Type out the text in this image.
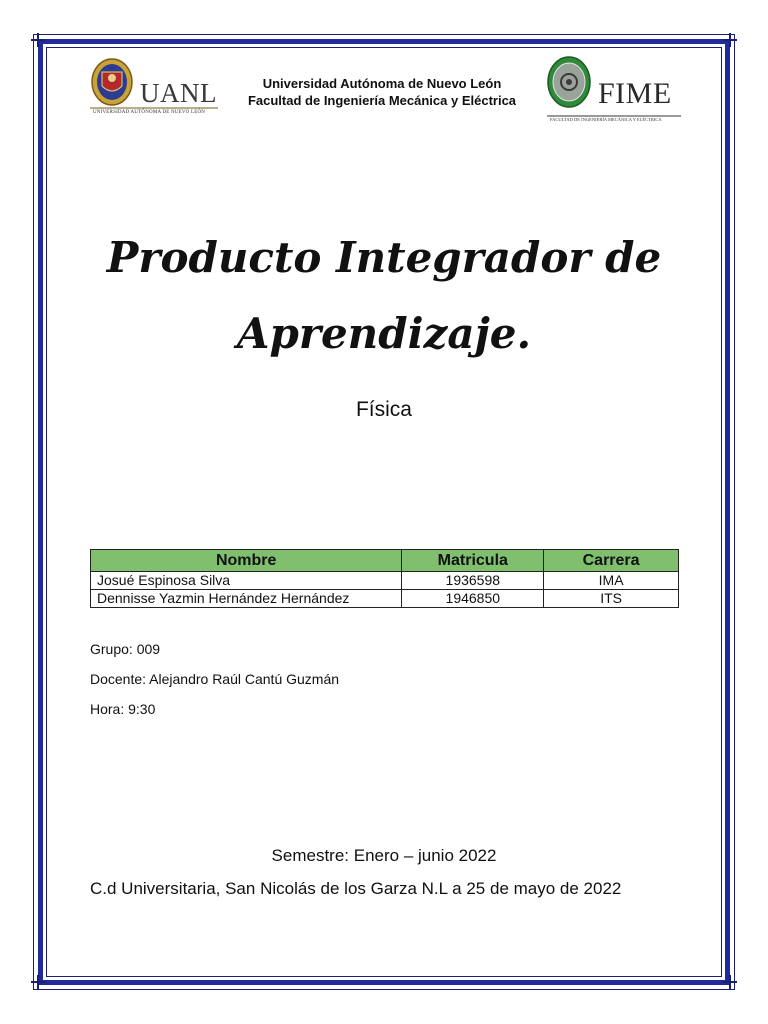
UANL
UNIVERSIDAD AUTÓNOMA DE NUEVO LEÓN
Universidad Autónoma de Nuevo León
Facultad de Ingeniería Mecánica y Eléctrica	FIME
FACULTAD DE INGENIERÍA MECÁNICA Y ELÉCTRICA
Producto Integrador de
Aprendizaje.
Física
Nombre	Matricula	Carrera
Josué Espinosa Silva	1936598	IMA
Dennisse Yazmin Hernández Hernández	1946850	ITS
Grupo: 009
Docente: Alejandro Raúl Cantú Guzmán
Hora: 9:30
Semestre: Enero – junio 2022
C.d Universitaria, San Nicolás de los Garza N.L a 25 de mayo de 2022
